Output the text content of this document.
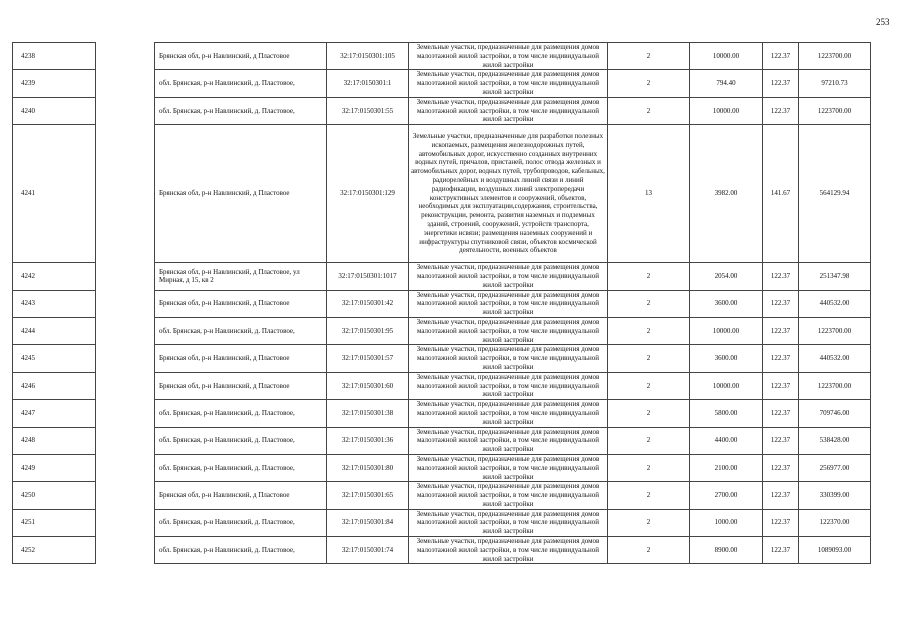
253
4238		Брянская обл, р-н Навлинский, д Пластовое	32:17:0150301:105	Земельные участки, предназначенные для размещения домов малоэтажной жилой застройки, в том числе индивидуальной жилой застройки	2	10000.00	122.37	1223700.00
4239		обл. Брянская, р-н Навлинский, д. Пластовое,	32:17:0150301:1	Земельные участки, предназначенные для размещения домов малоэтажной жилой застройки, в том числе индивидуальной жилой застройки	2	794.40	122.37	97210.73
4240		обл. Брянская, р-н Навлинский, д. Пластовое,	32:17:0150301:55	Земельные участки, предназначенные для размещения домов малоэтажной жилой застройки, в том числе индивидуальной жилой застройки	2	10000.00	122.37	1223700.00
4241		Брянская обл, р-н Навлинский, д Пластовое	32:17:0150301:129	Земельные участки, предназначенные для разработки полезных ископаемых, размещения железнодорожных путей, автомобильных дорог, искусственно созданных внутренних водных путей, причалов, пристаней, полос отвода железных и автомобильных дорог, водных путей, трубопроводов, кабельных, радиорелейных и воздушных линий связи и линий радиофикации, воздушных линий электропередачи конструктивных элементов и сооружений, объектов, необходимых для эксплуатации,содержания, строительства, реконструкции, ремонта, развития наземных и подземных зданий, строений, сооружений, устройств транспорта, энергетики исвязи; размещения наземных сооружений и инфраструктуры спутниковой связи, объектов космической деятельности, военных объектов	13	3982.00	141.67	564129.94
4242		Брянская обл, р-н Навлинский, д Пластовое, ул Мирная, д 15, кв 2	32:17:0150301:1017	Земельные участки, предназначенные для размещения домов малоэтажной жилой застройки, в том числе индивидуальной жилой застройки	2	2054.00	122.37	251347.98
4243		Брянская обл, р-н Навлинский, д Пластовое	32:17:0150301:42	Земельные участки, предназначенные для размещения домов малоэтажной жилой застройки, в том числе индивидуальной жилой застройки	2	3600.00	122.37	440532.00
4244		обл. Брянская, р-н Навлинский, д. Пластовое,	32:17:0150301:95	Земельные участки, предназначенные для размещения домов малоэтажной жилой застройки, в том числе индивидуальной жилой застройки	2	10000.00	122.37	1223700.00
4245		Брянская обл, р-н Навлинский, д Пластовое	32:17:0150301:57	Земельные участки, предназначенные для размещения домов малоэтажной жилой застройки, в том числе индивидуальной жилой застройки	2	3600.00	122.37	440532.00
4246		Брянская обл, р-н Навлинский, д Пластовое	32:17:0150301:60	Земельные участки, предназначенные для размещения домов малоэтажной жилой застройки, в том числе индивидуальной жилой застройки	2	10000.00	122.37	1223700.00
4247		обл. Брянская, р-н Навлинский, д. Пластовое,	32:17:0150301:38	Земельные участки, предназначенные для размещения домов малоэтажной жилой застройки, в том числе индивидуальной жилой застройки	2	5800.00	122.37	709746.00
4248		обл. Брянская, р-н Навлинский, д. Пластовое,	32:17:0150301:36	Земельные участки, предназначенные для размещения домов малоэтажной жилой застройки, в том числе индивидуальной жилой застройки	2	4400.00	122.37	538428.00
4249		обл. Брянская, р-н Навлинский, д. Пластовое,	32:17:0150301:80	Земельные участки, предназначенные для размещения домов малоэтажной жилой застройки, в том числе индивидуальной жилой застройки	2	2100.00	122.37	256977.00
4250		Брянская обл, р-н Навлинский, д Пластовое	32:17:0150301:65	Земельные участки, предназначенные для размещения домов малоэтажной жилой застройки, в том числе индивидуальной жилой застройки	2	2700.00	122.37	330399.00
4251		обл. Брянская, р-н Навлинский, д. Пластовое,	32:17:0150301:84	Земельные участки, предназначенные для размещения домов малоэтажной жилой застройки, в том числе индивидуальной жилой застройки	2	1000.00	122.37	122370.00
4252		обл. Брянская, р-н Навлинский, д. Пластовое,	32:17:0150301:74	Земельные участки, предназначенные для размещения домов малоэтажной жилой застройки, в том числе индивидуальной жилой застройки	2	8900.00	122.37	1089093.00
